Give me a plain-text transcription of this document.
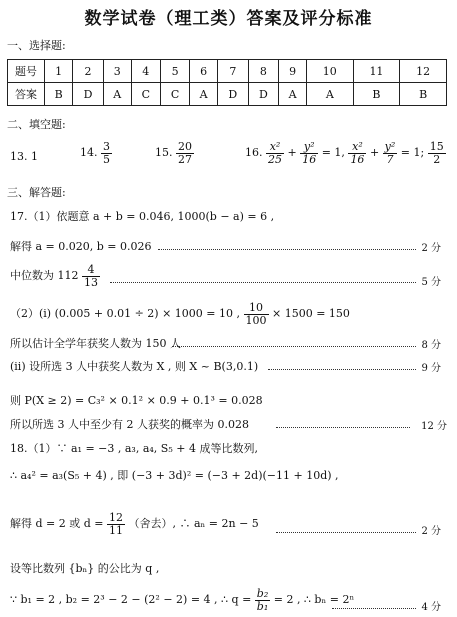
数学试卷（理工类）答案及评分标准
一、选择题:
题号	1	2	3	4	5	6	7	8	9	10	11	12
答案	B	D	A	C	C	A	D	D	A	A	B	B
二、填空题:
13. 1	14. $\frac{3}{5}$	15. $\frac{20}{27}$	16. $\frac{\text{x²}}{25} + \frac{\text{y²}}{16} = 1$, $\frac{\text{x²}}{16} + \frac{\text{y²}}{7} = 1$; $\frac{15}{2}$
三、解答题:
17.（1）依题意 a + b = 0.046, 1000(b − a) = 6 ,
解得 a = 0.020, b = 0.026	2 分
中位数为 $112 \frac{4}{13}$	5 分
（2）(i) (0.005 + 0.01 ÷ 2) × 1000 = 10 , $\frac{10}{100} \times 1500 = 150$
所以估计全学年获奖人数为 150 人	8 分
(ii) 设所选 3 人中获奖人数为 X , 则 X ~ B(3,0.1)	9 分
则 P(X ≥ 2) = C₃² × 0.1² × 0.9 + 0.1³ = 0.028
所以所选 3 人中至少有 2 人获奖的概率为 0.028	12 分
18.（1）∵ a₁ = −3 , a₃, a₄, S₅ + 4 成等比数列,
∴ a₄² = a₃(S₅ + 4) , 即 (−3 + 3d)² = (−3 + 2d)(−11 + 10d) ,
解得 d = 2 或 $d = \frac{12}{11}$ （舍去）, ∴ aₙ = 2n − 5
2 分
设等比数列 {bₙ} 的公比为 q ,
∵ b₁ = 2 , b₂ = 2³ − 2 − (2² − 2) = 4 , ∴ $q = \frac{\text{b₂}}{\text{b₁}} = 2$ , ∴ bₙ = 2ⁿ
4 分
